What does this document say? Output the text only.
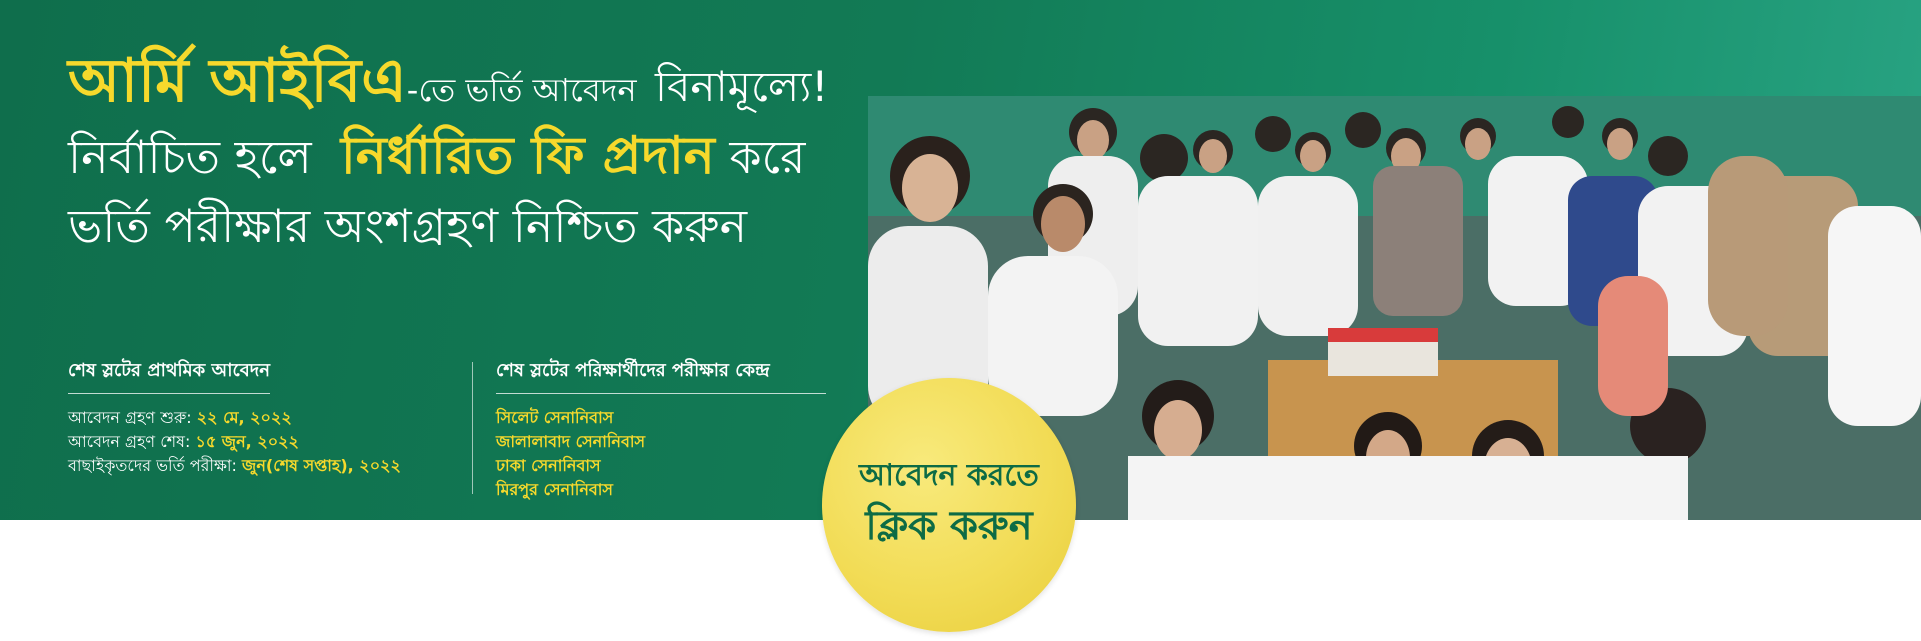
আর্মি আইবিএ-তে ভর্তি আবেদন বিনামূল্যে!
নির্বাচিত হলে নির্ধারিত ফি প্রদান করে
ভর্তি পরীক্ষার অংশগ্রহণ নিশ্চিত করুন
শেষ স্লটের প্রাথমিক আবেদন
আবেদন গ্রহণ শুরু: ২২ মে, ২০২২
আবেদন গ্রহণ শেষ: ১৫ জুন, ২০২২
বাছাইকৃতদের ভর্তি পরীক্ষা: জুন(শেষ সপ্তাহ), ২০২২
শেষ স্লটের পরিক্ষার্থীদের পরীক্ষার কেন্দ্র
সিলেট সেনানিবাস
জালালাবাদ সেনানিবাস
ঢাকা সেনানিবাস
মিরপুর সেনানিবাস	আবেদন করতে
ক্লিক করুন
